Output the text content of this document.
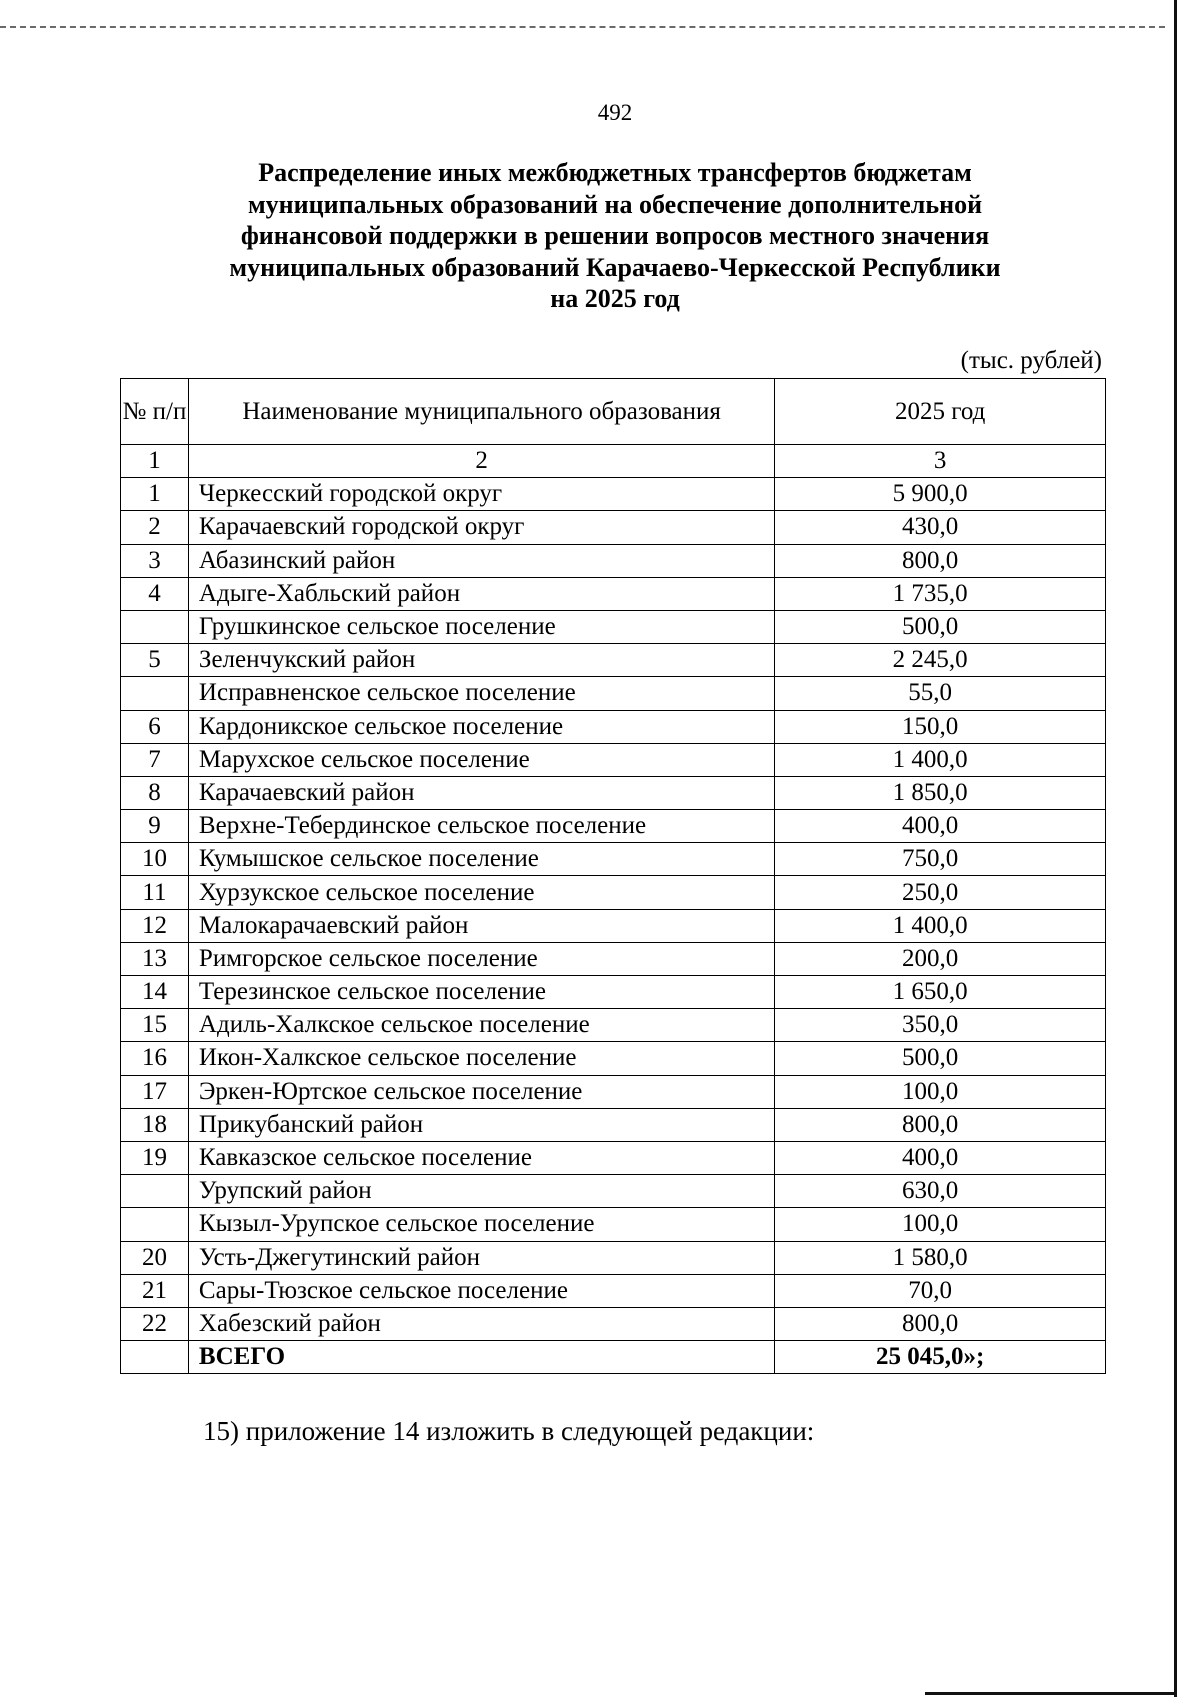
492
Распределение иных межбюджетных трансфертов бюджетам
муниципальных образований на обеспечение дополнительной
финансовой поддержки в решении вопросов местного значения
муниципальных образований Карачаево-Черкесской Республики
на 2025 год
(тыс. рублей)
№ п/п	Наименование муниципального образования	2025 год
1	2	3
1	Черкесский городской округ	5 900,0
2	Карачаевский городской округ	430,0
3	Абазинский район	800,0
4	Адыге-Хабльский район	1 735,0
	Грушкинское сельское поселение	500,0
5	Зеленчукский район	2 245,0
	Исправненское сельское поселение	55,0
6	Кардоникское сельское поселение	150,0
7	Марухское сельское поселение	1 400,0
8	Карачаевский район	1 850,0
9	Верхне-Тебердинское сельское поселение	400,0
10	Кумышское сельское поселение	750,0
11	Хурзукское сельское поселение	250,0
12	Малокарачаевский район	1 400,0
13	Римгорское сельское поселение	200,0
14	Терезинское сельское поселение	1 650,0
15	Адиль-Халкское сельское поселение	350,0
16	Икон-Халкское сельское поселение	500,0
17	Эркен-Юртское сельское поселение	100,0
18	Прикубанский район	800,0
19	Кавказское сельское поселение	400,0
	Урупский район	630,0
	Кызыл-Урупское сельское поселение	100,0
20	Усть-Джегутинский район	1 580,0
21	Сары-Тюзское сельское поселение	70,0
22	Хабезский район	800,0
	ВСЕГО	25 045,0»;
15) приложение 14 изложить в следующей редакции:
